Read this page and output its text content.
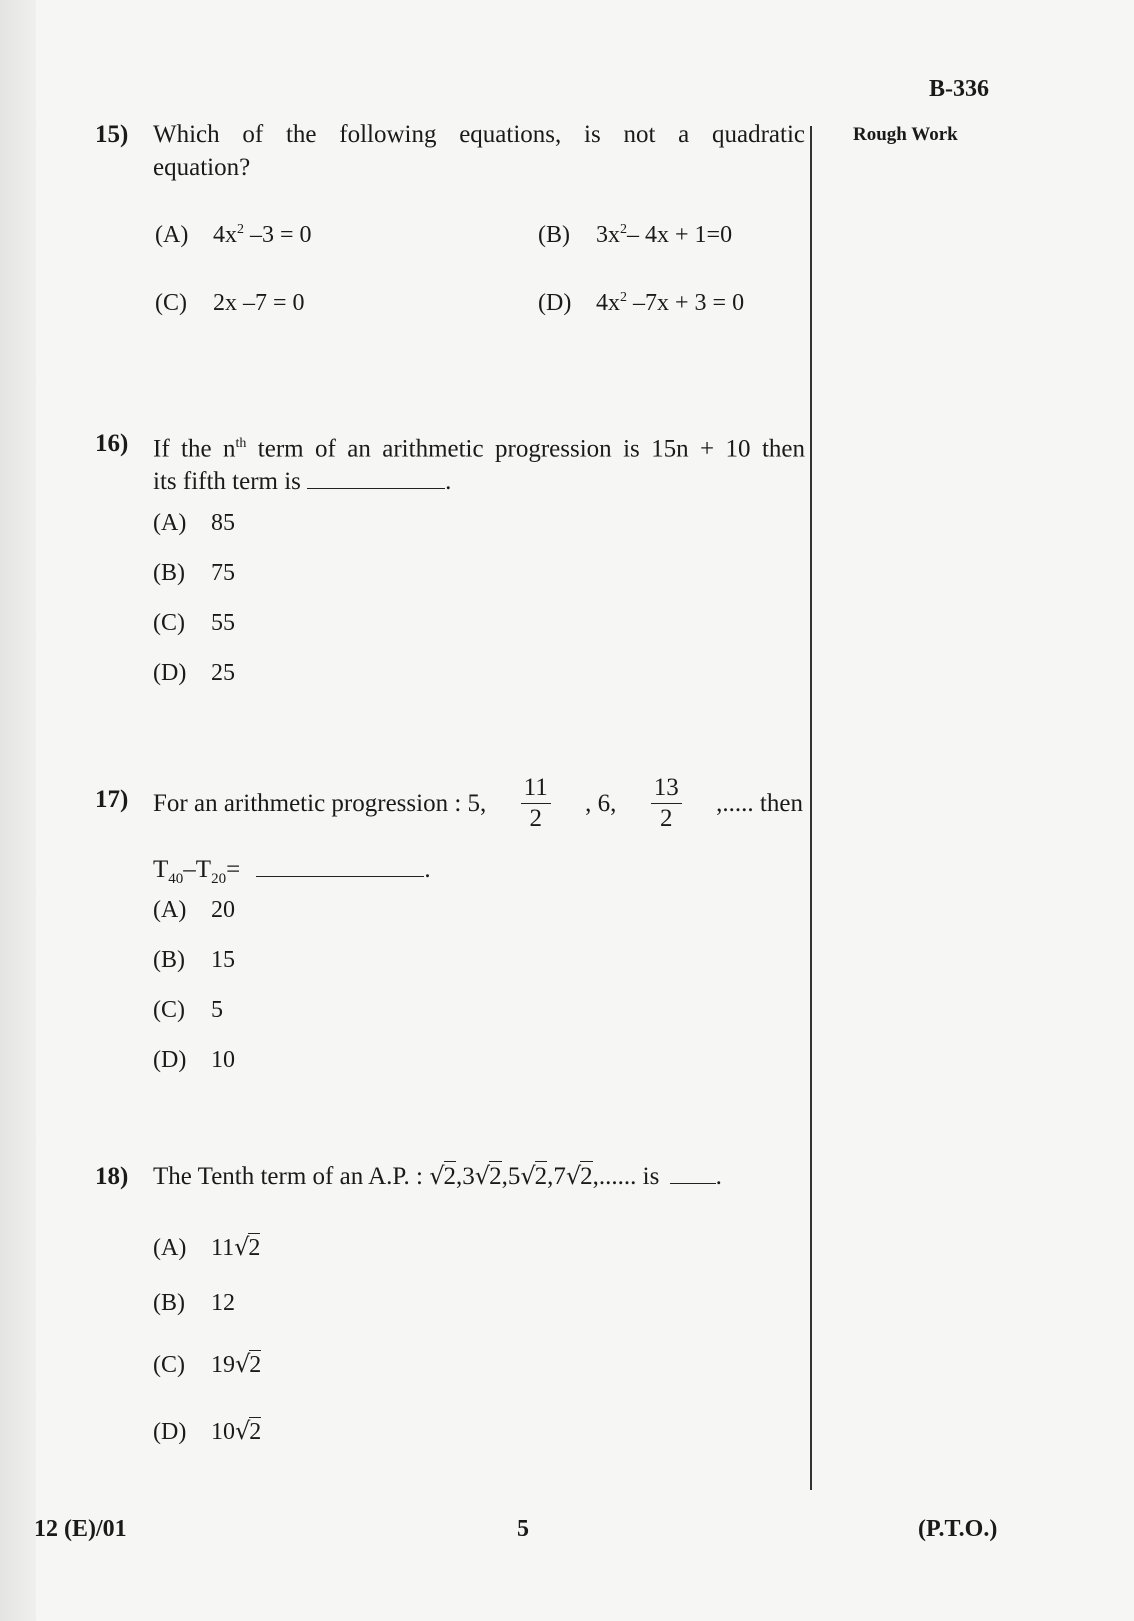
B-336
Rough Work
15) Which of the following equations, is not a quadratic
equation?
(A) $4x^2$ –3 = 0	(B) $3x^2-$ 4x + 1=0
(C) 2x –7 = 0	(D) $4x^2$ –7x + 3 = 0
16) If the $n^{th}$ term of an arithmetic progression is 15n + 10 then
its fifth term is	.
(A) 85
(B) 75
(C) 55
(D) 25
17) For an arithmetic progression : 5, $\frac{11}{2}$ , 6, $\frac{13}{2}$ ,..... then
$T_{40}-T_{20}=$	.
(A) 20
(B) 15
(C) 5
(D) 10
18) The Tenth term of an A.P. : √2,3√2,5√2,7√2,...... is .
(A) 11√2
(B) 12
(C) 19√2
(D) 10√2
12 (E)/01	5	(P.T.O.)
